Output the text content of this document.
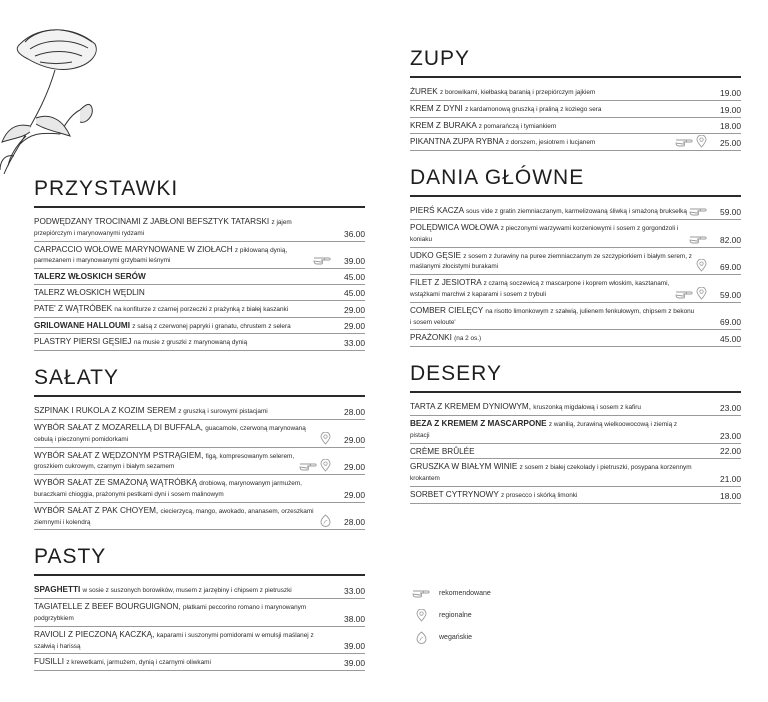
PRZYSTAWKI
PODWĘDZANY TROCINAMI Z JABŁONI BEFSZTYK TATARSKI z jajem przepiórczym i marynowanymi rydzami	36.00
CARPACCIO WOŁOWE MARYNOWANE W ZIOŁACH z piklowaną dynią, parmezanem i marynowanymi grzybami leśnymi	39.00
TALERZ WŁOSKICH SERÓW	45.00
TALERZ WŁOSKICH WĘDLIN	45.00
PATE' Z WĄTRÓBEK na konfiturze z czarnej porzeczki z prażynką z białej kaszanki	29.00
GRILOWANE HALLOUMI z salsą z czerwonej papryki i granatu, chrustem z selera	29.00
PLASTRY PIERSI GĘSIEJ na musie z gruszki z marynowaną dynią	33.00
SAŁATY
SZPINAK I RUKOLA Z KOZIM SEREM z gruszką i surowymi pistacjami	28.00
WYBÓR SAŁAT Z MOZARELLĄ DI BUFFALA, guacamole, czerwoną marynowaną cebulą i pieczonymi pomidorkami	29.00
WYBÓR SAŁAT Z WĘDZONYM PSTRĄGIEM, figą, kompresowanym selerem, groszkiem cukrowym, czarnym i białym sezamem	29.00
WYBÓR SAŁAT ZE SMAŻONĄ WĄTRÓBKĄ drobiową, marynowanym jarmużem, buraczkami chioggia, prażonymi pestkami dyni i sosem malinowym	29.00
WYBÓR SAŁAT Z PAK CHOYEM, ciecierzycą, mango, awokado, ananasem, orzeszkami ziemnymi i kolendrą	28.00
PASTY
SPAGHETTI w sosie z suszonych borowików, musem z jarzębiny i chipsem z pietruszki	33.00
TAGIATELLE Z BEEF BOURGUIGNON, płatkami peccorino romano i marynowanym podgrzybkiem	38.00
RAVIOLI Z PIECZONĄ KACZKĄ, kaparami i suszonymi pomidorami w emulsji maślanej z szałwią i harissą	39.00
FUSILLI z krewetkami, jarmużem, dynią i czarnymi oliwkami	39.00
ZUPY
ŻUREK z borowikami, kiełbaską baranią i przepiórczym jajkiem	19.00
KREM Z DYNI z kardamonową gruszką i praliną z koziego sera	19.00
KREM Z BURAKA z pomarańczą i tymiankiem	18.00
PIKANTNA ZUPA RYBNA z dorszem, jesiotrem i lucjanem	25.00
DANIA GŁÓWNE
PIERŚ KACZA sous vide z gratin ziemniaczanym, karmelizowaną śliwką i smażoną brukselką	59.00
POLĘDWICA WOŁOWA z pieczonymi warzywami korzeniowymi i sosem z gorgondzoli i koniaku	82.00
UDKO GĘSIE z sosem z żurawiny na puree ziemniaczanym ze szczypiorkiem i białym serem, z maślanymi złocistymi burakami	69.00
FILET Z JESIOTRA z czarną soczewicą z mascarpone i koprem włoskim, kasztanami, wstążkami marchwi z kaparami i sosem z trybuli	59.00
COMBER CIELĘCY na risotto limonkowym z szałwią, julienem fenkułowym, chipsem z bekonu i sosem veloute'	69.00
PRAŻONKI (na 2 os.)	45.00
DESERY
TARTA Z KREMEM DYNIOWYM, kruszonką migdałową i sosem z kafiru	23.00
BEZA Z KREMEM Z MASCARPONE z wanilią, żurawiną wielkoowocową i ziemią z pistacji	23.00
CRÈME BRÛLÉE	22.00
GRUSZKA W BIAŁYM WINIE z sosem z białej czekolady i pietruszki, posypana korzennym krokantem	21.00
SORBET CYTRYNOWY z prosecco i skórką limonki	18.00
rekomendowane
regionalne
wegańskie
